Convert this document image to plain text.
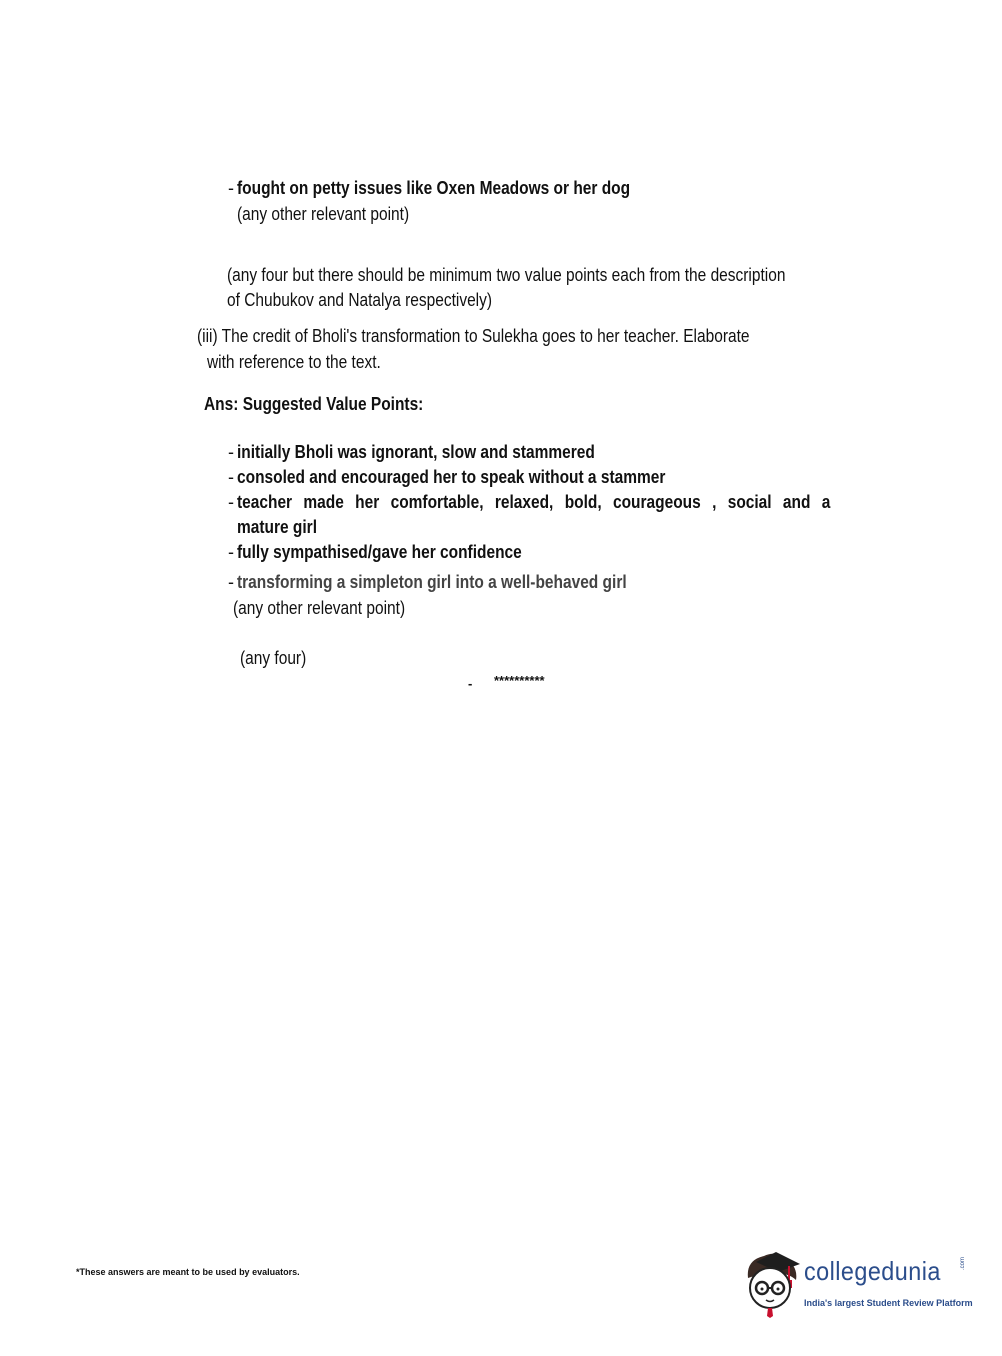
- fought on petty issues like Oxen Meadows or her dog
(any other relevant point)
(any four but there should be minimum two value points each from the description
of Chubukov and Natalya respectively)
(iii) The credit of Bholi's transformation to Sulekha goes to her teacher. Elaborate
with reference to the text.
Ans: Suggested Value Points:
- initially Bholi was ignorant, slow and stammered
- consoled and encouraged her to speak without a stammer
- teacher made her comfortable, relaxed, bold, courageous , social and a
mature girl
- fully sympathised/gave her confidence
- transforming a simpleton girl into a well-behaved girl
(any other relevant point)
(any four)
- **********
*These answers are meant to be used by evaluators.	collegedunia	.com
India's largest Student Review Platform
